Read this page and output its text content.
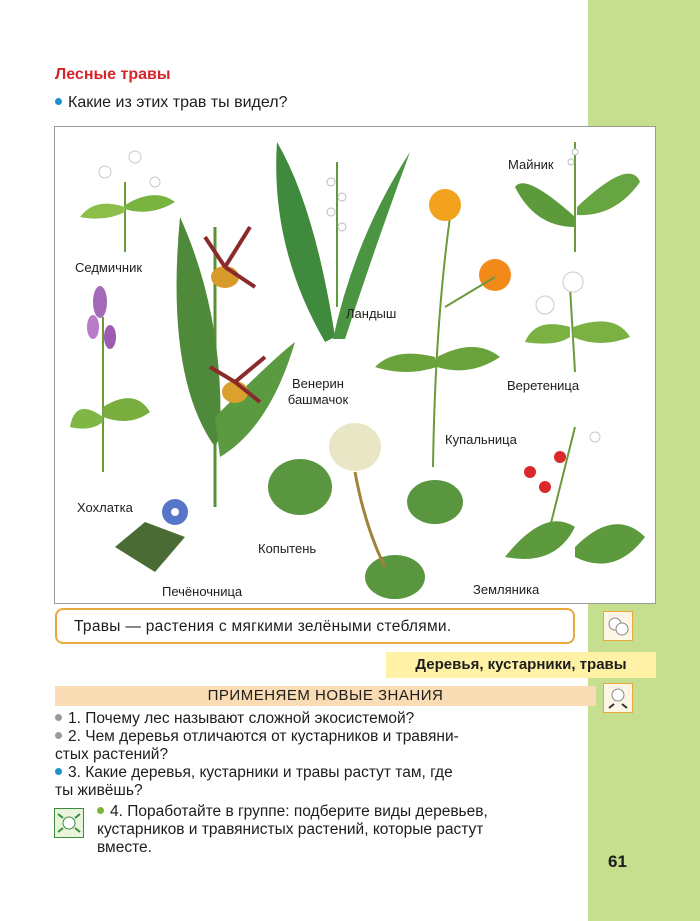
Лесные травы
Какие из этих трав ты видел?
Седмичник
Ландыш
Майник
Хохлатка
Венерин
башмачок
Веретеница
Купальница
Копытень
Печёночница	Земляника
Травы — растения с мягкими зелёными стеблями.
Деревья, кустарники, травы
ПРИМЕНЯЕМ НОВЫЕ ЗНАНИЯ
1. Почему лес называют сложной экосистемой?
2. Чем деревья отличаются от кустарников и травяни-
стых растений?
3. Какие деревья, кустарники и травы растут там, где
ты живёшь?
4. Поработайте в группе: подберите виды деревьев,
кустарников и травянистых растений, которые растут
вместе.
61
